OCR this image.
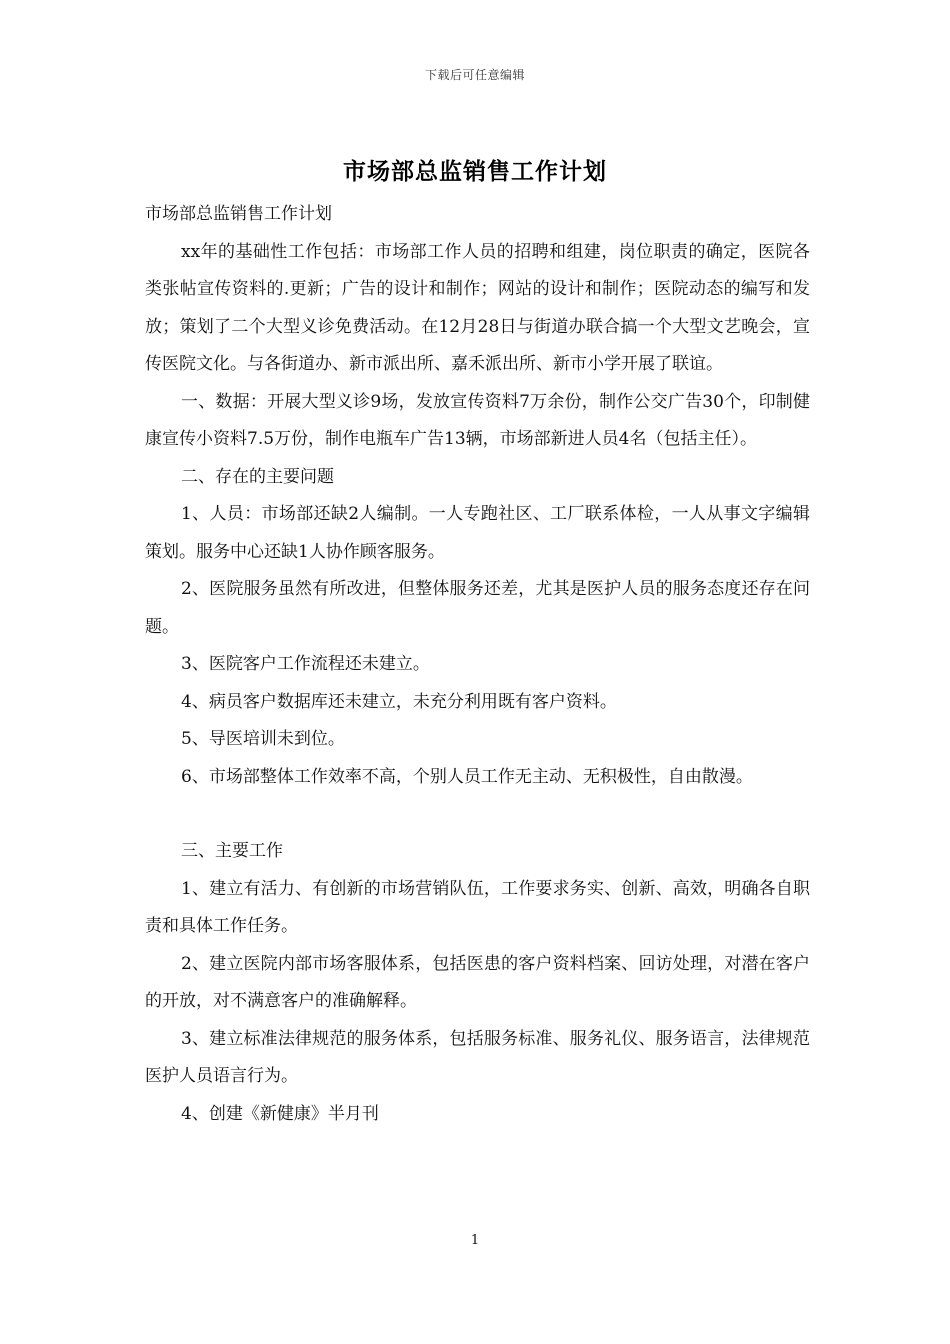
下载后可任意编辑
市场部总监销售工作计划

市场部总监销售工作计划

xx年的基础性工作包括：市场部工作人员的招聘和组建，岗位职责的确定，医院各类张帖宣传资料的.更新；广告的设计和制作；网站的设计和制作；医院动态的编写和发放；策划了二个大型义诊免费活动。在12月28日与街道办联合搞一个大型文艺晚会，宣传医院文化。与各街道办、新市派出所、嘉禾派出所、新市小学开展了联谊。

一、数据：开展大型义诊9场，发放宣传资料7万余份，制作公交广告30个，印制健康宣传小资料7.5万份，制作电瓶车广告13辆，市场部新进人员4名（包括主任）。

二、存在的主要问题

1、人员：市场部还缺2人编制。一人专跑社区、工厂联系体检，一人从事文字编辑策划。服务中心还缺1人协作顾客服务。

2、医院服务虽然有所改进，但整体服务还差，尤其是医护人员的服务态度还存在问题。

3、医院客户工作流程还未建立。

4、病员客户数据库还未建立，未充分利用既有客户资料。

5、导医培训未到位。

6、市场部整体工作效率不高，个别人员工作无主动、无积极性，自由散漫。

三、主要工作

1、建立有活力、有创新的市场营销队伍，工作要求务实、创新、高效，明确各自职责和具体工作任务。

2、建立医院内部市场客服体系，包括医患的客户资料档案、回访处理，对潜在客户的开放，对不满意客户的准确解释。

3、建立标准法律规范的服务体系，包括服务标准、服务礼仪、服务语言，法律规范医护人员语言行为。

4、创建《新健康》半月刊

1
